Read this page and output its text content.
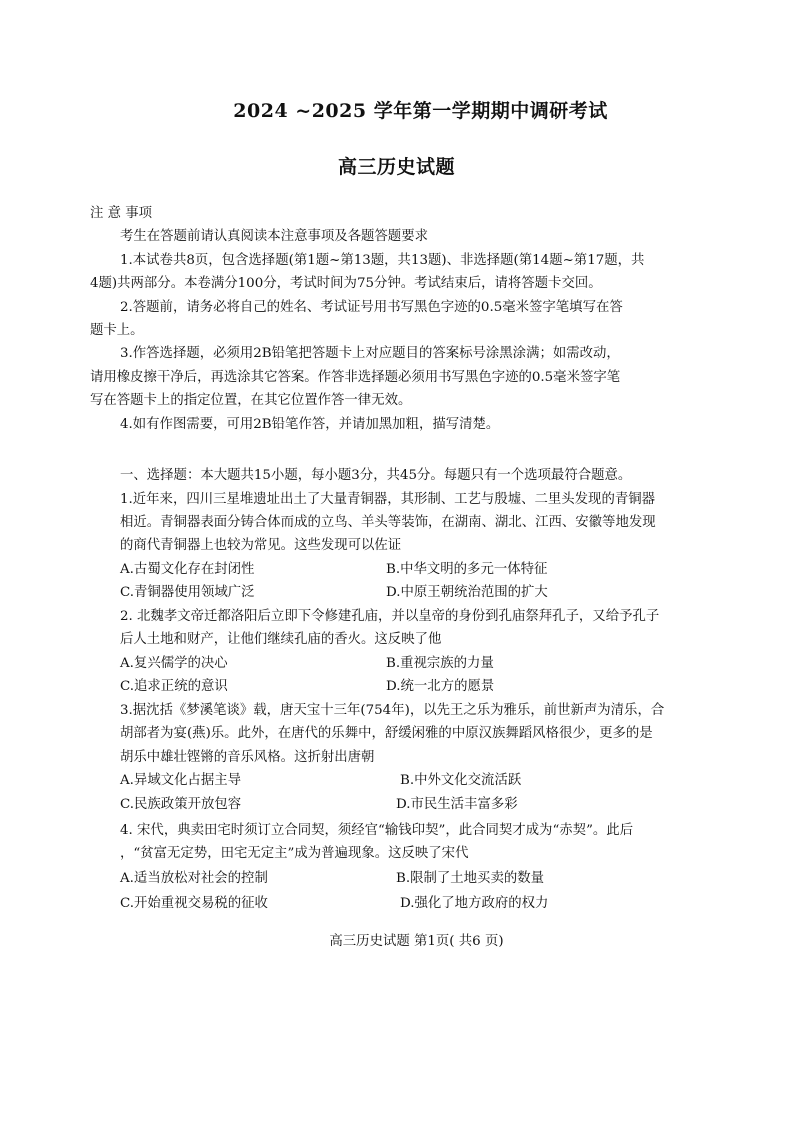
2024 ~2025 学年第一学期期中调研考试
高三历史试题
注 意 事项
考生在答题前请认真阅读本注意事项及各题答题要求
1.本试卷共8页，包含选择题(第1题~第13题，共13题)、非选择题(第14题~第17题，共
4题)共两部分。本卷满分100分，考试时间为75分钟。考试结束后，请将答题卡交回。
2.答题前，请务必将自己的姓名、考试证号用书写黑色字迹的0.5毫米签字笔填写在答
题卡上。
3.作答选择题，必须用2B铅笔把答题卡上对应题目的答案标号涂黑涂满；如需改动，
请用橡皮擦干净后，再选涂其它答案。作答非选择题必须用书写黑色字迹的0.5毫米签字笔
写在答题卡上的指定位置，在其它位置作答一律无效。
4.如有作图需要，可用2B铅笔作答，并请加黑加粗，描写清楚。
一、选择题：本大题共15小题，每小题3分，共45分。每题只有一个选项最符合题意。
1.近年来，四川三星堆遗址出土了大量青铜器，其形制、工艺与殷墟、二里头发现的青铜器
相近。青铜器表面分铸合体而成的立鸟、羊头等装饰，在湖南、湖北、江西、安徽等地发现
的商代青铜器上也较为常见。这些发现可以佐证
A.古蜀文化存在封闭性	B.中华文明的多元一体特征
C.青铜器使用领域广泛	D.中原王朝统治范围的扩大
2. 北魏孝文帝迁都洛阳后立即下令修建孔庙，并以皇帝的身份到孔庙祭拜孔子，又给予孔子
后人土地和财产，让他们继续孔庙的香火。这反映了他
A.复兴儒学的决心	B.重视宗族的力量
C.追求正统的意识	D.统一北方的愿景
3.据沈括《梦溪笔谈》载，唐天宝十三年(754年)，以先王之乐为雅乐，前世新声为清乐，合
胡部者为宴(燕)乐。此外，在唐代的乐舞中，舒缓闲雅的中原汉族舞蹈风格很少，更多的是
胡乐中雄壮铿锵的音乐风格。这折射出唐朝
A.异域文化占据主导	B.中外文化交流活跃
C.民族政策开放包容	D.市民生活丰富多彩
4. 宋代，典卖田宅时须订立合同契，须经官“输钱印契”，此合同契才成为“赤契”。此后
，“贫富无定势，田宅无定主”成为普遍现象。这反映了宋代
A.适当放松对社会的控制	B.限制了土地买卖的数量
C.开始重视交易税的征收	D.强化了地方政府的权力
高三历史试题 第1页( 共6 页)
